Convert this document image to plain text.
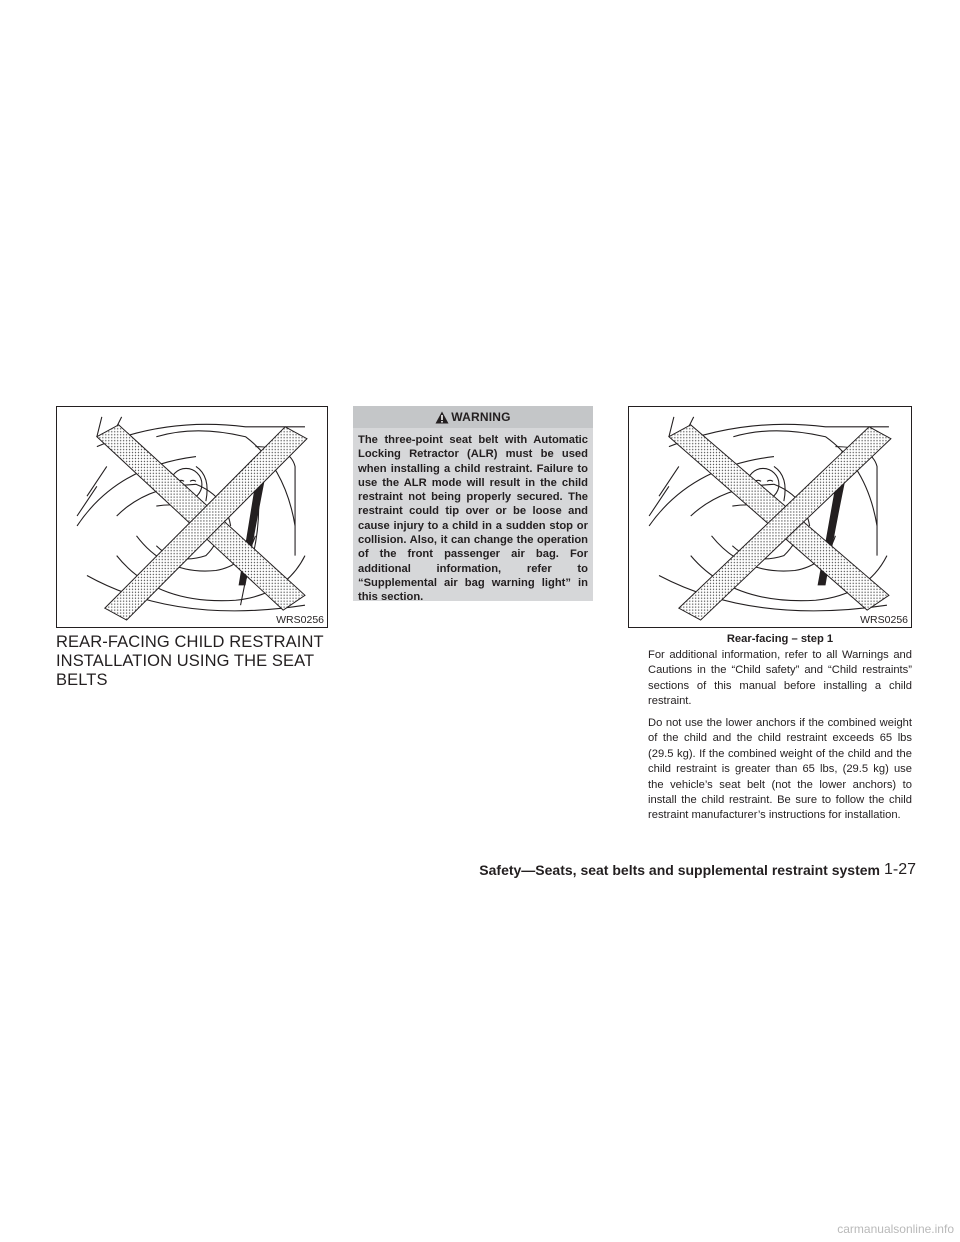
WRS0256
REAR-FACING CHILD RESTRAINT INSTALLATION USING THE SEAT BELTS
WARNING

The three-point seat belt with Automatic Locking Retractor (ALR) must be used when installing a child restraint. Failure to use the ALR mode will result in the child restraint not being properly secured. The restraint could tip over or be loose and cause injury to a child in a sudden stop or collision. Also, it can change the operation of the front passenger air bag. For additional information, refer to “Supplemental air bag warning light” in this section.

WRS0256
Rear-facing – step 1

For additional information, refer to all Warnings and Cautions in the “Child safety” and “Child restraints” sections of this manual before installing a child restraint.

Do not use the lower anchors if the combined weight of the child and the child restraint exceeds 65 lbs (29.5 kg). If the combined weight of the child and the child restraint is greater than 65 lbs, (29.5 kg) use the vehicle’s seat belt (not the lower anchors) to install the child restraint. Be sure to follow the child restraint manufacturer’s instructions for installation.

Safety—Seats, seat belts and supplemental restraint system 1-27
carmanualsonline.info
